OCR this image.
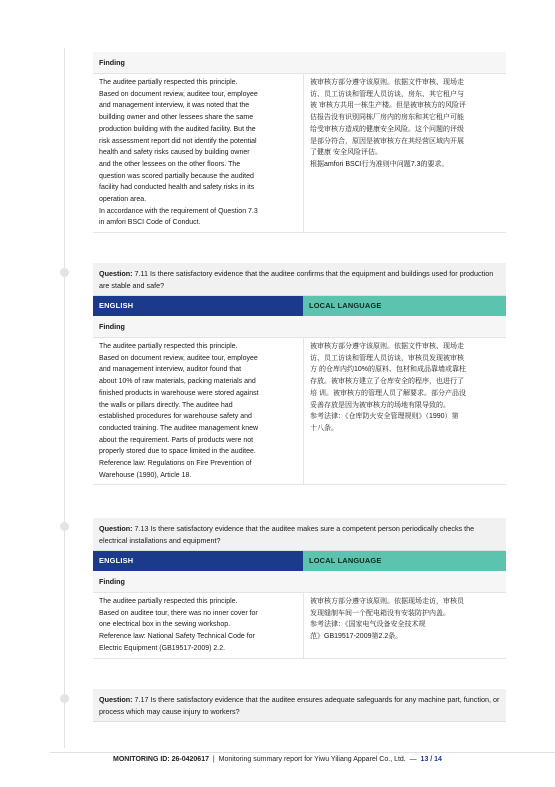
Finding
The auditee partially respected this principle.
Based on document review, auditee tour, employee
and management interview, it was noted that the
buillding owner and other lessees share the same
production building with the audited facility. But the
risk assessment report did not identify the potential
health and safety risks caused by building owner
and the other lessees on the other floors. The
question was scored partially because the audited
facility had conducted health and safety risks in its
operation area.
In accordance with the requirement of Question 7.3
in amfori BSCI Code of Conduct.
被审核方部分遵守该原则。依据文件审核、现场走
访、员工访谈和管理人员访谈，房东、其它租户与
被 审核方共用一栋生产楼。但是被审核方的风险评
估报告没有识别同栋厂房内的房东和其它租户可能
给受审核方造成的健康安全风险。这个问题的评级
是部分符合，原因是被审核方在其经营区域内开展
了健康 安全风险评估。
根据amfori BSCI行为准则中问题7.3的要求。
Question: 7.11 Is there satisfactory evidence that the auditee confirms that the equipment and buildings used for production are stable and safe?
ENGLISH	LOCAL LANGUAGE
Finding
The auditee partially respected this principle.
Based on document review, auditee tour, employee
and management interview, auditor found that
about 10% of raw materials, packing materials and
finished products in warehouse were stored against
the walls or pillars directly. The auditee had
established procedures for warehouse safety and
conducted training. The auditee management knew
about the requirement. Parts of products were not
properly stored due to space limited in the auditee.
Reference law: Regulations on Fire Prevention of
Warehouse (1990), Article 18.
被审核方部分遵守该原则。依据文件审核、现场走
访、员工访谈和管理人员访谈，审核员发现被审核
方 的仓库内约10%的原料、包材和成品靠墙或靠柱
存放。被审核方建立了仓库安全的程序，也进行了
培 训。被审核方的管理人员了解要求。部分产品没
妥善存放是因为被审核方的场地有限导致的。
参考法律：《仓库防火安全管理规则》（1990）第
十八条。
Question: 7.13 Is there satisfactory evidence that the auditee makes sure a competent person periodically checks the electrical installations and equipment?
ENGLISH	LOCAL LANGUAGE
Finding
The auditee partially respected this principle.
Based on auditee tour, there was no inner cover for
one electrical box in the sewing workshop.
Reference law: National Safety Technical Code for
Electric Equipment (GB19517-2009) 2.2.
被审核方部分遵守该原则。依据现场走访，审核员
发现缝制车间一个配电箱没有安装防护内盖。
参考法律：《国家电气设备安全技术规
范》GB19517-2009第2.2条。
Question: 7.17 Is there satisfactory evidence that the auditee ensures adequate safeguards for any machine part, function, or process which may cause injury to workers?
MONITORING ID: 26-0420617 | Monitoring summary report for Yiwu Yiliang Apparel Co., Ltd. — 13 / 14
